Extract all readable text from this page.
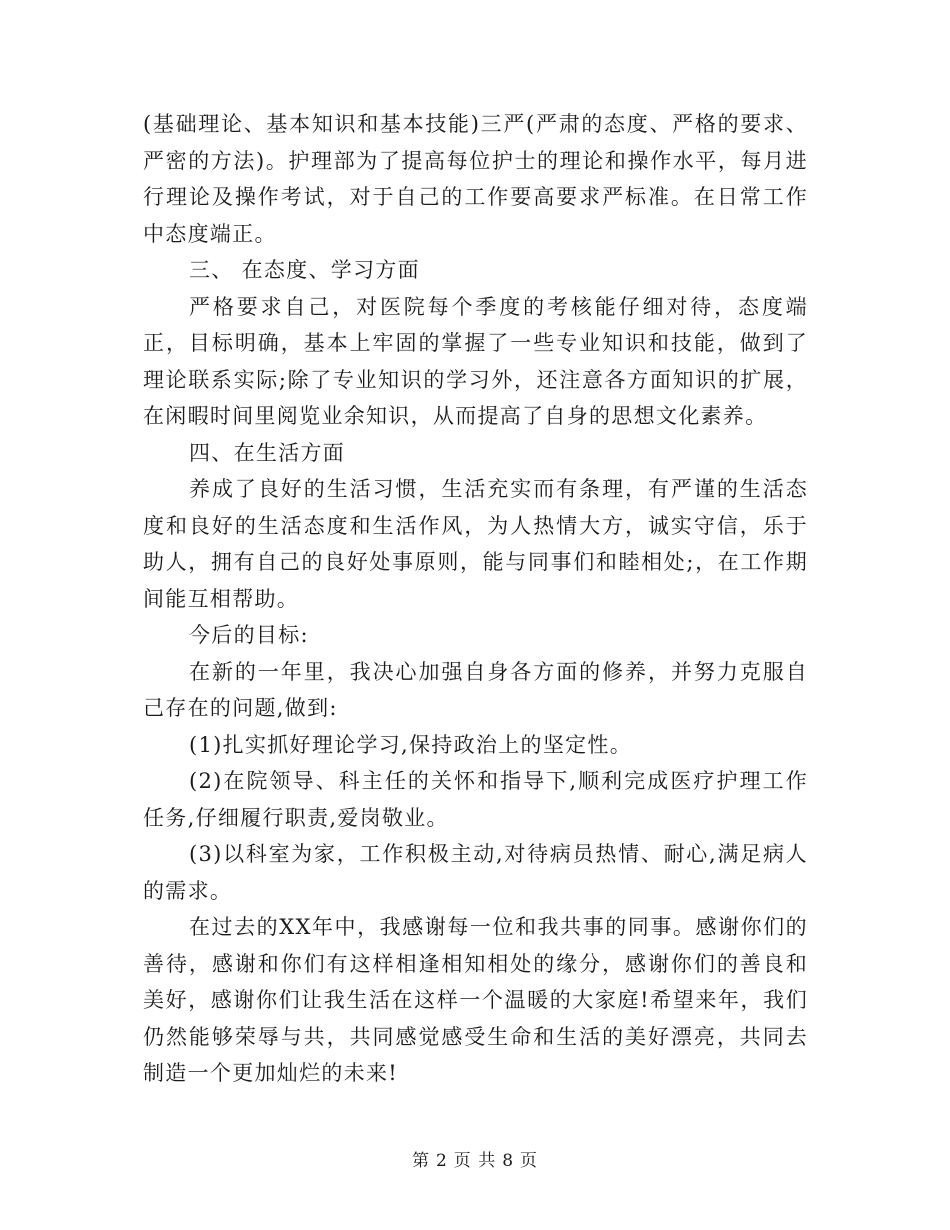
(基础理论、基本知识和基本技能)三严(严肃的态度、严格的要求、严密的方法)。护理部为了提高每位护士的理论和操作水平，每月进行理论及操作考试，对于自己的工作要高要求严标准。在日常工作中态度端正。

三、 在态度、学习方面

严格要求自己，对医院每个季度的考核能仔细对待，态度端正，目标明确，基本上牢固的掌握了一些专业知识和技能，做到了理论联系实际;除了专业知识的学习外，还注意各方面知识的扩展，在闲暇时间里阅览业余知识，从而提高了自身的思想文化素养。

四、在生活方面

养成了良好的生活习惯，生活充实而有条理，有严谨的生活态度和良好的生活态度和生活作风，为人热情大方，诚实守信，乐于助人，拥有自己的良好处事原则，能与同事们和睦相处;，在工作期间能互相帮助。

今后的目标:

在新的一年里，我决心加强自身各方面的修养，并努力克服自己存在的问题,做到:

(1)扎实抓好理论学习,保持政治上的坚定性。

(2)在院领导、科主任的关怀和指导下,顺利完成医疗护理工作任务,仔细履行职责,爱岗敬业。

(3)以科室为家，工作积极主动,对待病员热情、耐心,满足病人的需求。

在过去的XX年中，我感谢每一位和我共事的同事。感谢你们的善待，感谢和你们有这样相逢相知相处的缘分，感谢你们的善良和美好，感谢你们让我生活在这样一个温暖的大家庭!希望来年，我们仍然能够荣辱与共，共同感觉感受生命和生活的美好漂亮，共同去制造一个更加灿烂的未来!

第 2 页 共 8 页
